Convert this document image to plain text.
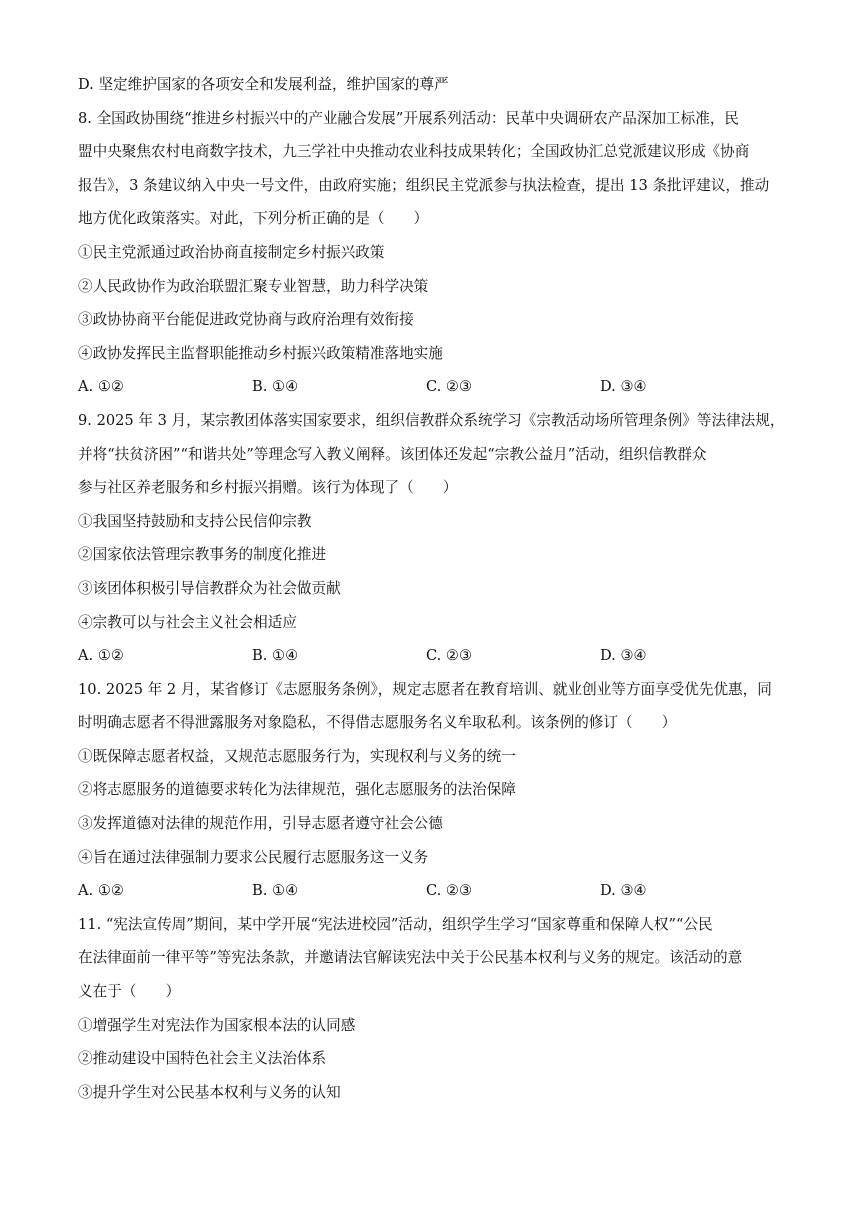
D. 坚定维护国家的各项安全和发展利益，维护国家的尊严
8. 全国政协围绕“推进乡村振兴中的产业融合发展”开展系列活动：民革中央调研农产品深加工标准，民
盟中央聚焦农村电商数字技术，九三学社中央推动农业科技成果转化；全国政协汇总党派建议形成《协商
报告》，3 条建议纳入中央一号文件，由政府实施；组织民主党派参与执法检查，提出 13 条批评建议，推动
地方优化政策落实。对此，下列分析正确的是（　　）
①民主党派通过政治协商直接制定乡村振兴政策
②人民政协作为政治联盟汇聚专业智慧，助力科学决策
③政协协商平台能促进政党协商与政府治理有效衔接
④政协发挥民主监督职能推动乡村振兴政策精准落地实施
A. ①②	B. ①④	C. ②③	D. ③④
9. 2025 年 3 月，某宗教团体落实国家要求，组织信教群众系统学习《宗教活动场所管理条例》等法律法规，
并将“扶贫济困”“和谐共处”等理念写入教义阐释。该团体还发起“宗教公益月”活动，组织信教群众
参与社区养老服务和乡村振兴捐赠。该行为体现了（　　）
①我国坚持鼓励和支持公民信仰宗教
②国家依法管理宗教事务的制度化推进
③该团体积极引导信教群众为社会做贡献
④宗教可以与社会主义社会相适应
A. ①②	B. ①④	C. ②③	D. ③④
10. 2025 年 2 月，某省修订《志愿服务条例》，规定志愿者在教育培训、就业创业等方面享受优先优惠，同
时明确志愿者不得泄露服务对象隐私，不得借志愿服务名义牟取私利。该条例的修订（　　）
①既保障志愿者权益，又规范志愿服务行为，实现权利与义务的统一
②将志愿服务的道德要求转化为法律规范，强化志愿服务的法治保障
③发挥道德对法律的规范作用，引导志愿者遵守社会公德
④旨在通过法律强制力要求公民履行志愿服务这一义务
A. ①②	B. ①④	C. ②③	D. ③④
11. “宪法宣传周”期间，某中学开展“宪法进校园”活动，组织学生学习“国家尊重和保障人权”“公民
在法律面前一律平等”等宪法条款，并邀请法官解读宪法中关于公民基本权利与义务的规定。该活动的意
义在于（　　）
①增强学生对宪法作为国家根本法的认同感
②推动建设中国特色社会主义法治体系
③提升学生对公民基本权利与义务的认知
